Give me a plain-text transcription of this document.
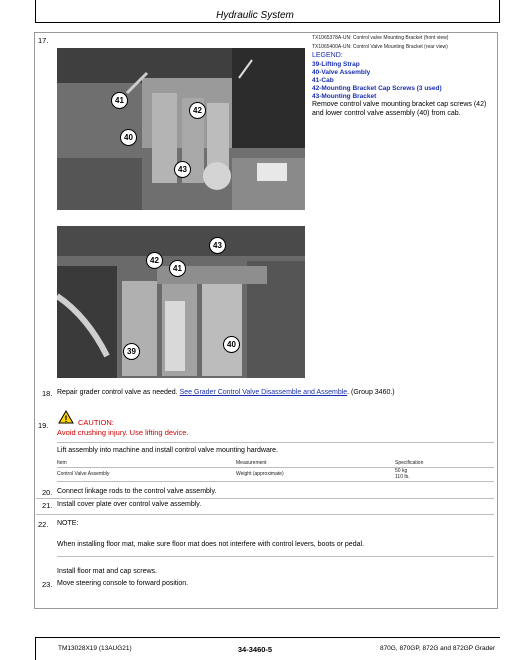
Hydraulic System
17.
41
42
40
43
TX1065378A-UN: Control valve Mounting Bracket (front view)
TX1065400A-UN: Control Valve Mounting Bracket (rear view)
LEGEND:
39-Lifting Strap
40-Valve Assembly
41-Cab
42-Mounting Bracket Cap Screws (3 used)
43-Mounting Bracket
Remove control valve mounting bracket cap screws (42) and lower control valve assembly (40) from cab.
43
42
41
39
40
18. Repair grader control valve as needed. See Grader Control Valve Disassemble and Assemble. (Group 3460.)
19.
! CAUTION:
Avoid crushing injury. Use lifting device.
Lift assembly into machine and install control valve mounting hardware.
Item	Measurement	Specification
Control Valve Assembly	Weight (approximate)	50 kg
110 lb.
20. Connect linkage rods to the control valve assembly.
21. Install cover plate over control valve assembly.
22. NOTE:
When installing floor mat, make sure floor mat does not interfere with control levers, boots or pedal.
Install floor mat and cap screws.
23. Move steering console to forward position.
TM13028X19 (13AUG21)	34-3460-5	870G, 870GP, 872G and 872GP Grader
